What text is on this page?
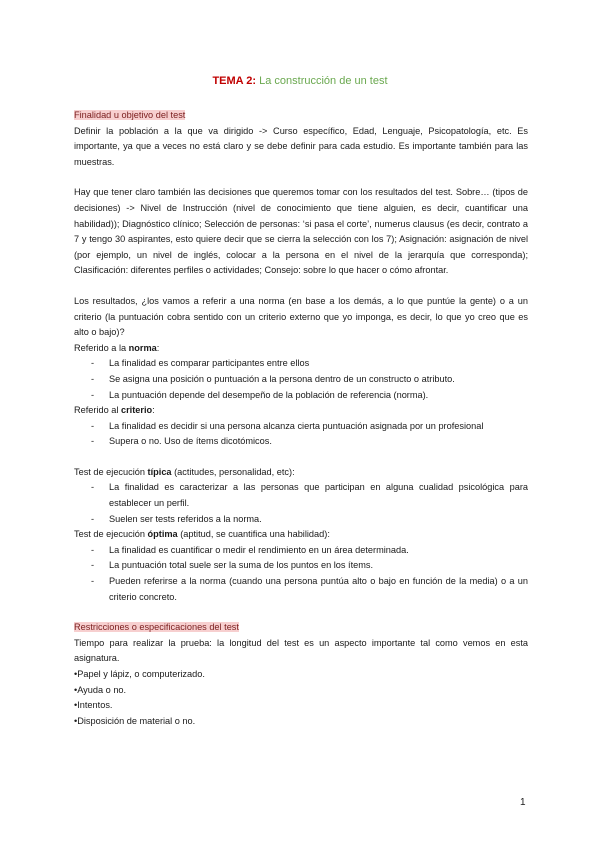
TEMA 2: La construcción de un test

Finalidad u objetivo del test

Definir la población a la que va dirigido -> Curso específico, Edad, Lenguaje, Psicopatología, etc. Es importante, ya que a veces no está claro y se debe definir para cada estudio. Es importante también para las muestras.

Hay que tener claro también las decisiones que queremos tomar con los resultados del test. Sobre… (tipos de decisiones) -> Nivel de Instrucción (nivel de conocimiento que tiene alguien, es decir, cuantificar una habilidad)); Diagnóstico clínico; Selección de personas: ‘si pasa el corte’, numerus clausus (es decir, contrato a 7 y tengo 30 aspirantes, esto quiere decir que se cierra la selección con los 7); Asignación: asignación de nivel (por ejemplo, un nivel de inglés, colocar a la persona en el nivel de la jerarquía que corresponda); Clasificación: diferentes perfiles o actividades; Consejo: sobre lo que hacer o cómo afrontar.

Los resultados, ¿los vamos a referir a una norma (en base a los demás, a lo que puntúe la gente) o a un criterio (la puntuación cobra sentido con un criterio externo que yo imponga, es decir, lo que yo creo que es alto o bajo)?

Referido a la norma:

- La finalidad es comparar participantes entre ellos
- Se asigna una posición o puntuación a la persona dentro de un constructo o atributo.
- La puntuación depende del desempeño de la población de referencia (norma).

Referido al criterio:

- La finalidad es decidir si una persona alcanza cierta puntuación asignada por un profesional
- Supera o no. Uso de ítems dicotómicos.

Test de ejecución típica (actitudes, personalidad, etc):

- La finalidad es caracterizar a las personas que participan en alguna cualidad psicológica para establecer un perfil.
- Suelen ser tests referidos a la norma.

Test de ejecución óptima (aptitud, se cuantifica una habilidad):

- La finalidad es cuantificar o medir el rendimiento en un área determinada.
- La puntuación total suele ser la suma de los puntos en los ítems.
- Pueden referirse a la norma (cuando una persona puntúa alto o bajo en función de la media) o a un criterio concreto.

Restricciones o especificaciones del test

Tiempo para realizar la prueba: la longitud del test es un aspecto importante tal como vemos en esta asignatura.

• Papel y lápiz, o computerizado.
• Ayuda o no.
• Intentos.
• Disposición de material o no.
1
